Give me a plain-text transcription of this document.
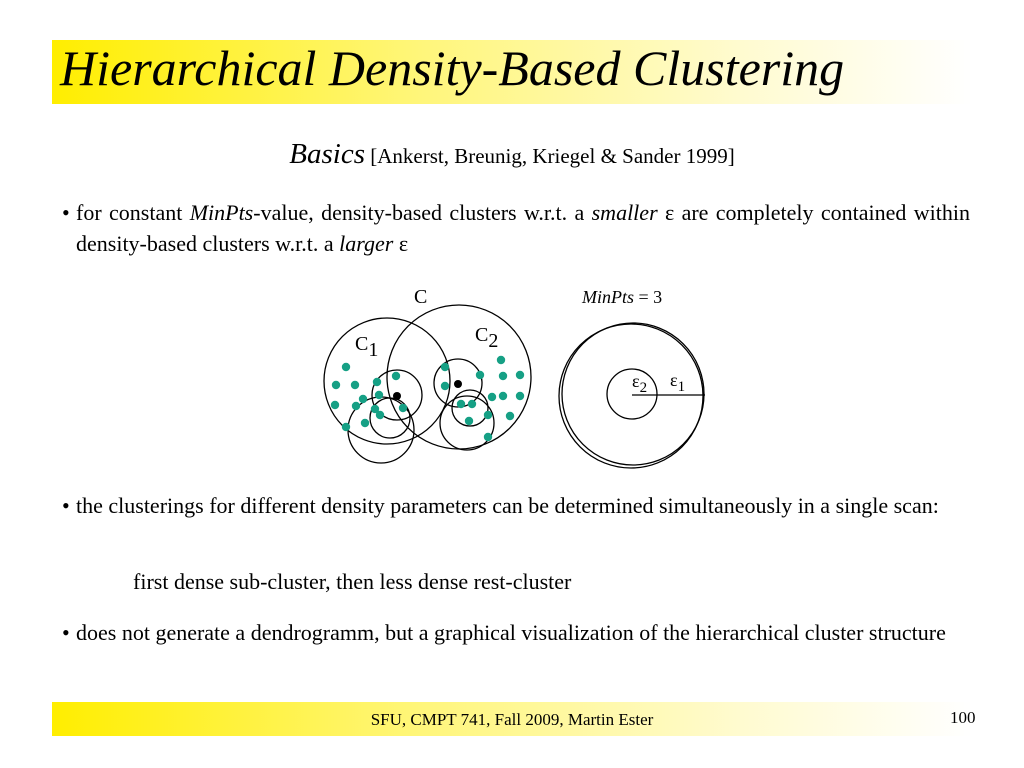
Hierarchical Density-Based Clustering
Basics [Ankerst, Breunig, Kriegel & Sander 1999]
• for constant MinPts-value, density-based clusters w.r.t. a smaller ε are completely contained within density-based clusters w.r.t. a larger ε
C
C1
C2
MinPts = 3
$\varepsilon_2$ $\varepsilon_1$
• the clusterings for different density parameters can be determined simultaneously in a single scan:
first dense sub-cluster, then less dense rest-cluster
• does not generate a dendrogramm, but a graphical visualization of the hierarchical cluster structure
SFU, CMPT 741, Fall 2009, Martin Ester	100
